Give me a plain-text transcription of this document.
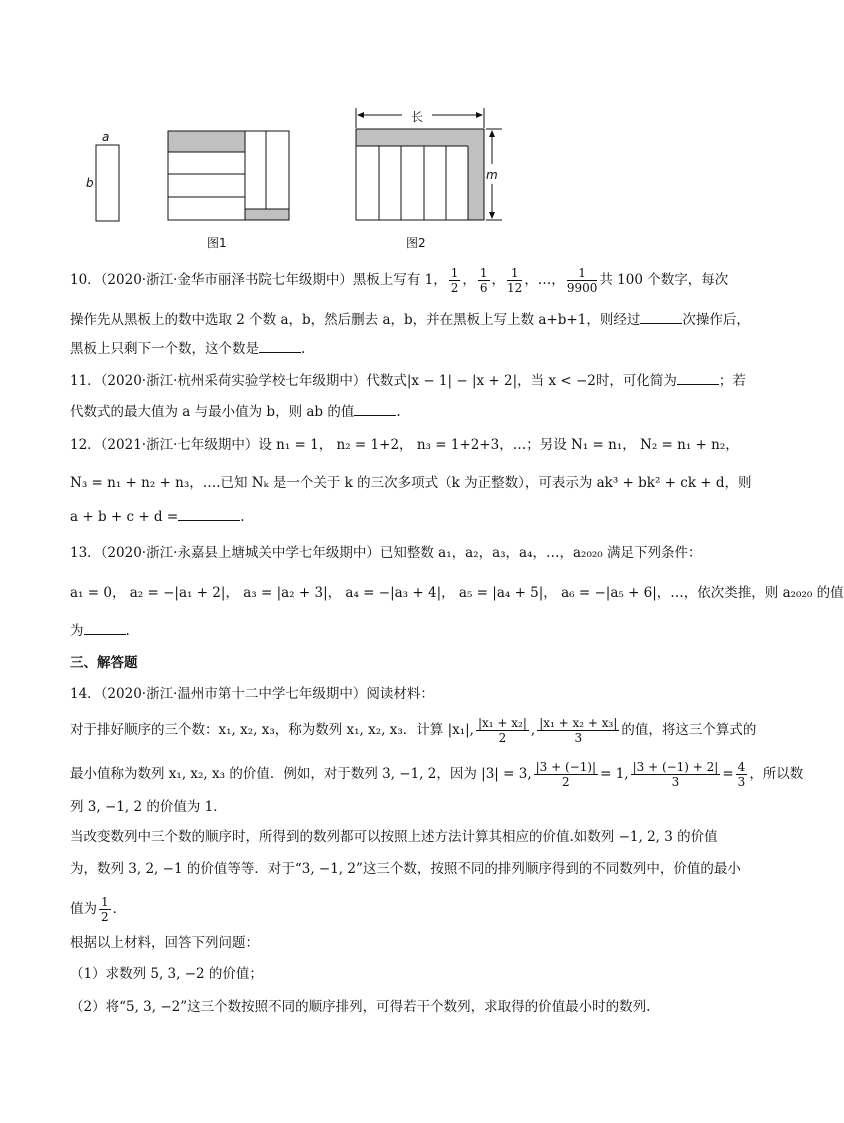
a
b
图1	图2
长
m
10．（2020·浙江·金华市丽泽书院七年级期中）黑板上写有 1， $\frac{1}{2}$ ， $\frac{1}{6}$ ， $\frac{1}{12}$ ，…， $\frac{1}{9900}$ 共 100 个数字，每次
操作先从黑板上的数中选取 2 个数 a，b，然后删去 a，b，并在黑板上写上数 a+b+1，则经过	次操作后，
黑板上只剩下一个数，这个数是	.
11．（2020·浙江·杭州采荷实验学校七年级期中）代数式|x − 1| − |x + 2|，当 x < −2时，可化简为	；若
代数式的最大值为 a 与最小值为 b，则 ab 的值	.
12．（2021·浙江·七年级期中）设 n₁ = 1， n₂ = 1+2， n₃ = 1+2+3，…；另设 N₁ = n₁， N₂ = n₁ + n₂，
N₃ = n₁ + n₂ + n₃，….已知 Nₖ 是一个关于 k 的三次多项式（k 为正整数），可表示为 ak³ + bk² + ck + d，则
a + b + c + d =	.
13．（2020·浙江·永嘉县上塘城关中学七年级期中）已知整数 a₁，a₂，a₃，a₄，…，a₂₀₂₀ 满足下列条件：
a₁ = 0， a₂ = −|a₁ + 2|， a₃ = |a₂ + 3|， a₄ = −|a₃ + 4|， a₅ = |a₄ + 5|， a₆ = −|a₅ + 6|，…，依次类推，则 a₂₀₂₀ 的值
为	.
三、解答题
14．（2020·浙江·温州市第十二中学七年级期中）阅读材料：
对于排好顺序的三个数：x₁, x₂, x₃，称为数列 x₁, x₂, x₃．计算 |x₁|, $\frac{\text{|x₁ + x₂|}}{2}$ , $\frac{\text{|x₁ + x₂ + x₃|}}{3}$ 的值，将这三个算式的
最小值称为数列 x₁, x₂, x₃ 的价值．例如，对于数列 3, −1, 2，因为 |3| = 3, $\frac{|3 + (-1)|}{2} = 1$, $\frac{|3 + (-1) + 2|}{3} = \frac{4}{3}$ ，所以数
列 3, −1, 2 的价值为 1．
当改变数列中三个数的顺序时，所得到的数列都可以按照上述方法计算其相应的价值.如数列 −1, 2, 3 的价值
为，数列 3, 2, −1 的价值等等．对于“3, −1, 2”这三个数，按照不同的排列顺序得到的不同数列中，价值的最小
值为 $\frac{1}{2}$ ．
根据以上材料，回答下列问题：
（1）求数列 5, 3, −2 的价值；
（2）将“5, 3, −2”这三个数按照不同的顺序排列，可得若干个数列，求取得的价值最小时的数列.
